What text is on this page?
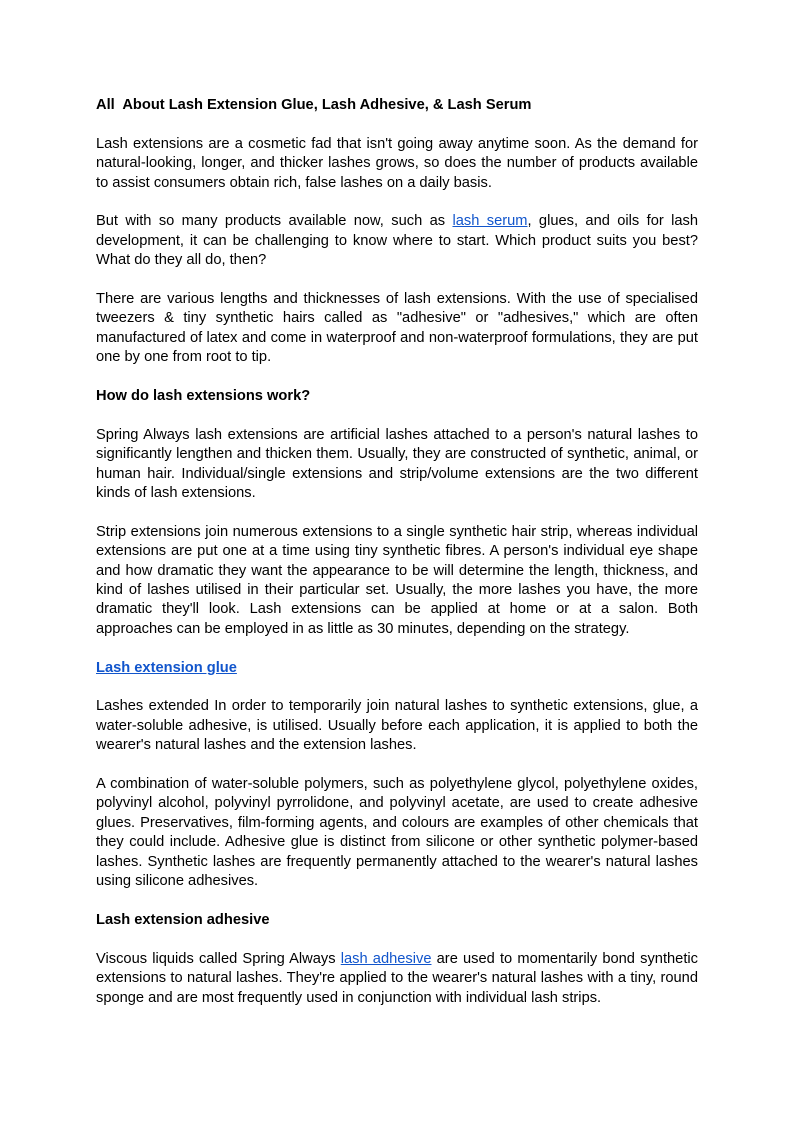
All  About Lash Extension Glue, Lash Adhesive, & Lash Serum

Lash extensions are a cosmetic fad that isn't going away anytime soon. As the demand for natural-looking, longer, and thicker lashes grows, so does the number of products available to assist consumers obtain rich, false lashes on a daily basis.

But with so many products available now, such as lash serum, glues, and oils for lash development, it can be challenging to know where to start. Which product suits you best? What do they all do, then?

There are various lengths and thicknesses of lash extensions. With the use of specialised tweezers & tiny synthetic hairs called as "adhesive" or "adhesives," which are often manufactured of latex and come in waterproof and non-waterproof formulations, they are put one by one from root to tip.

How do lash extensions work?

Spring Always lash extensions are artificial lashes attached to a person's natural lashes to significantly lengthen and thicken them. Usually, they are constructed of synthetic, animal, or human hair. Individual/single extensions and strip/volume extensions are the two different kinds of lash extensions.

Strip extensions join numerous extensions to a single synthetic hair strip, whereas individual extensions are put one at a time using tiny synthetic fibres. A person's individual eye shape and how dramatic they want the appearance to be will determine the length, thickness, and kind of lashes utilised in their particular set. Usually, the more lashes you have, the more dramatic they'll look. Lash extensions can be applied at home or at a salon. Both approaches can be employed in as little as 30 minutes, depending on the strategy.

Lash extension glue

Lashes extended In order to temporarily join natural lashes to synthetic extensions, glue, a water-soluble adhesive, is utilised. Usually before each application, it is applied to both the wearer's natural lashes and the extension lashes.

A combination of water-soluble polymers, such as polyethylene glycol, polyethylene oxides, polyvinyl alcohol, polyvinyl pyrrolidone, and polyvinyl acetate, are used to create adhesive glues. Preservatives, film-forming agents, and colours are examples of other chemicals that they could include. Adhesive glue is distinct from silicone or other synthetic polymer-based lashes. Synthetic lashes are frequently permanently attached to the wearer's natural lashes using silicone adhesives.

Lash extension adhesive

Viscous liquids called Spring Always lash adhesive are used to momentarily bond synthetic extensions to natural lashes. They're applied to the wearer's natural lashes with a tiny, round sponge and are most frequently used in conjunction with individual lash strips.
